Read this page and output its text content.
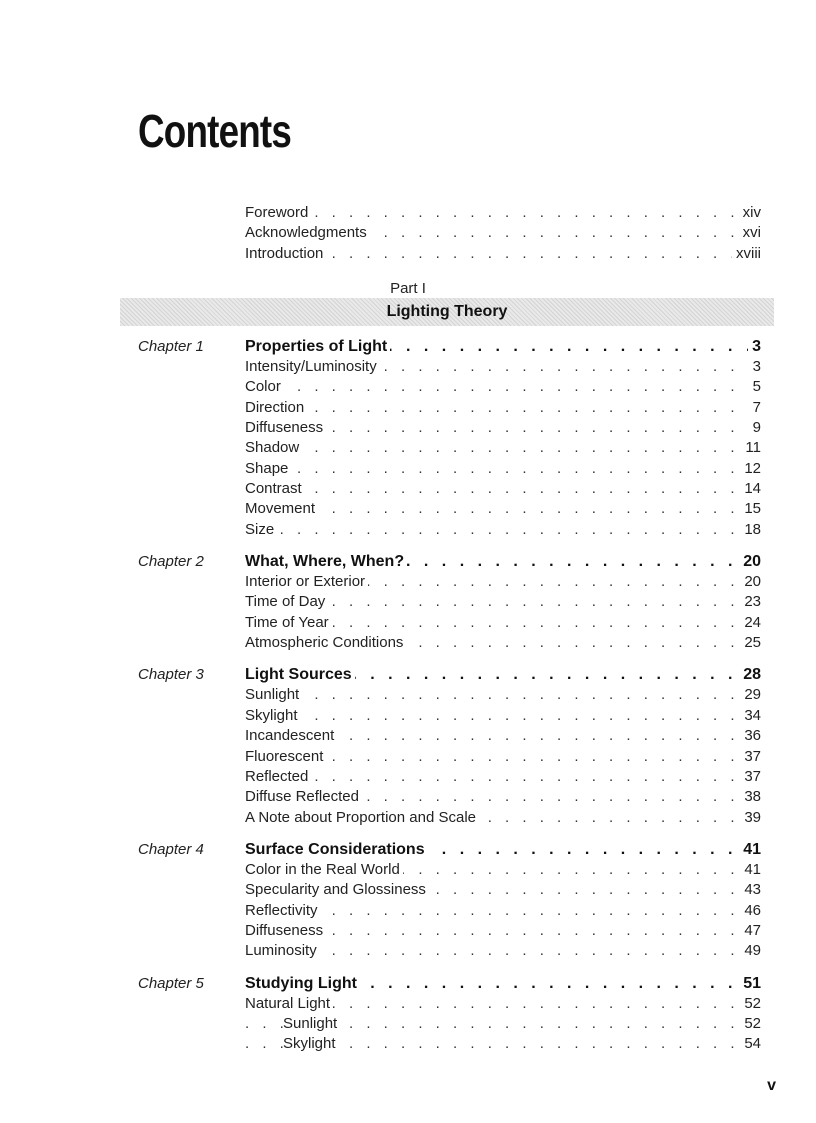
Contents
. . .
Foreword	xiv
. . .
Acknowledgments	xvi
. . .
Introduction	xviii
Part I
Lighting Theory
Chapter 1 . . .	Properties of Light	3
. . .
Intensity/Luminosity	3
. . .
Color	5
. . .
Direction	7
. . .
Diffuseness	9
. . .
Shadow	11
. . .
Shape	12
. . .
Contrast	14
. . .
Movement	15
. . .
Size	18
Chapter 2 . . .	What, Where, When?	20
. . .
Interior or Exterior	20
. . .
Time of Day	23
. . .
Time of Year	24
. . .
Atmospheric Conditions	25
Chapter 3 . . .	Light Sources	28
. . .
Sunlight	29
. . .
Skylight	34
. . .
Incandescent	36
. . .
Fluorescent	37
. . .
Reflected	37
. . .
Diffuse Reflected	38
. . .
A Note about Proportion and Scale	39
Chapter 4 . . .	Surface Considerations	41
. . .
Color in the Real World	41
. . .
Specularity and Glossiness	43
. . .
Reflectivity	46
. . .
Diffuseness	47
. . .
Luminosity	49
Chapter 5 . . .	Studying Light	51
. . .
Natural Light	52
. . .
Sunlight	52
. . .
Skylight	54
v
